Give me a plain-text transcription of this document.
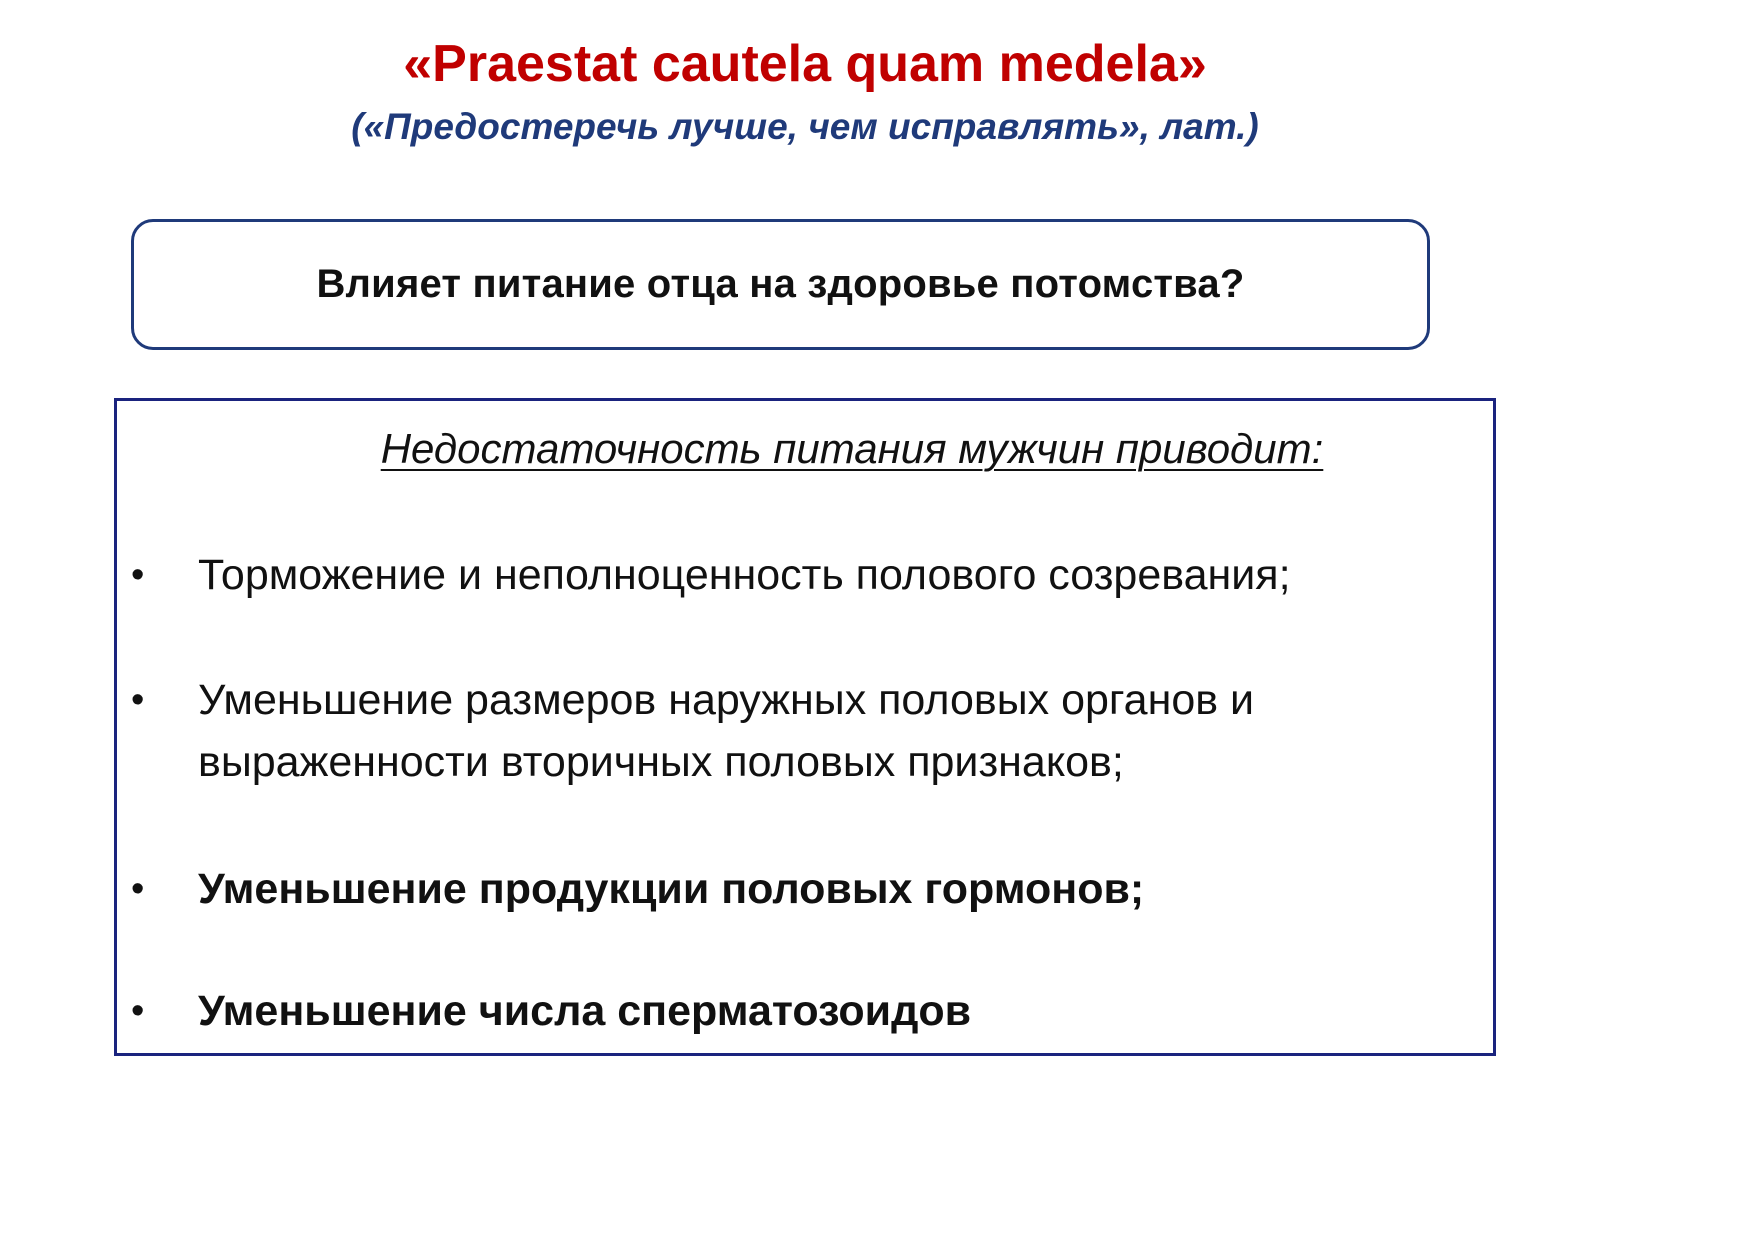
«Praestat cautela quam medela»

(«Предостеречь лучше, чем исправлять», лат.)

Влияет питание отца на здоровье потомства?
Недостаточность питания мужчин приводит:
• Торможение и неполноценность полового созревания;
• Уменьшение размеров наружных половых органов и выраженности вторичных половых признаков;
• Уменьшение продукции половых гормонов;
• Уменьшение числа сперматозоидов
